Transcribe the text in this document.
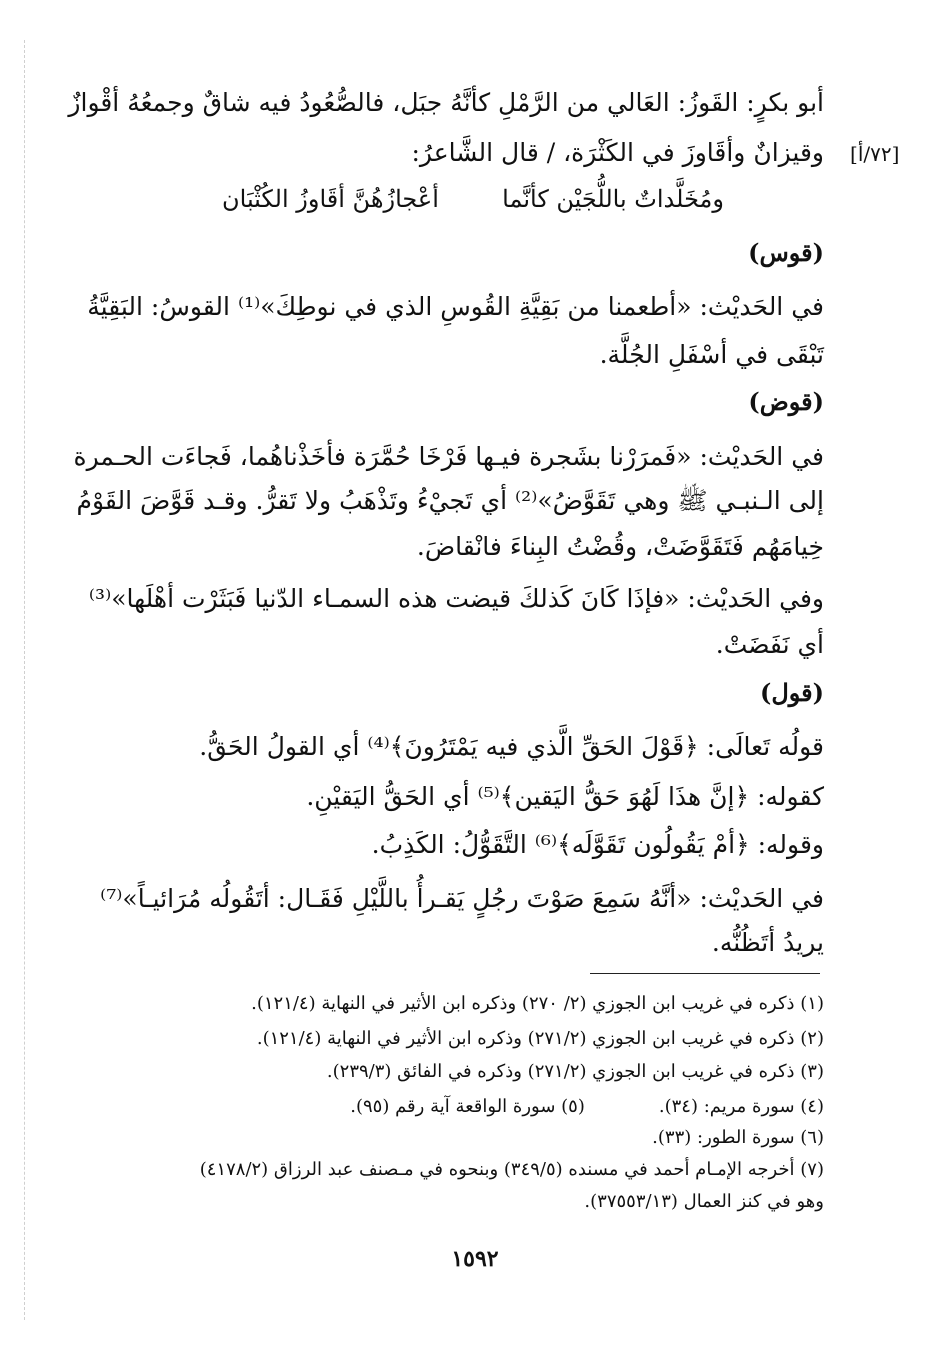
أبو بكرٍ: القَوزُ: العَالي من الرَّمْلِ كأنَّهُ جبَل، فالصُّعُودُ فيه شاقٌ وجمعُهُ أقْوازٌ
[٧٢/أ]
وقيزانٌ وأقَاوزَ في الكَثْرَة، / قال الشَّاعرُ:
ومُخَلَّداتٌ باللُّجَيْن كأنَّما
أعْجازُهُنَّ أقَاوزُ الكُثْبَان
(قوس)
في الحَديْث: «أطعمنا من بَقِيَّةِ القُوسِ الذي في نوطِكَ»⁽¹⁾ القوسُ: البَقِيَّةُ
تَبْقَى في أسْفَلِ الجُلَّة.
(قوض)
في الحَديْث: «فَمرَرْنا بشَجرة فيـها فَرْخَا حُمَّرَة فأخَذْناهُما، فَجاءَت الحـمرة
إلى الـنبـي ﷺ وهي تَقَوَّضُ»⁽²⁾ أي تَجيْءُ وتَذْهَبُ ولا تَقرُّ. وقـد قَوَّضَ القَوْمُ
خِيامَهُم فَتَقَوَّضَتْ، وقُضْتُ البِناءَ فانْقاضَ.
وفي الحَديْث: «فإذَا كَانَ كَذلكَ قيضت هذه السمـاء الدّنيا فَبَثَرْت أهْلَها»⁽³⁾
أي نَفَضَتْ.
(قول)
قولُه تَعالَى: ﴿قَوْلَ الحَقِّ الَّذي فيه يَمْتَرُونَ﴾⁽⁴⁾ أي القولُ الحَقُّ.
كقوله: ﴿إنَّ هذَا لَهُوَ حَقُّ اليَقين﴾⁽⁵⁾ أي الحَقُّ اليَقيْنِ.
وقوله: ﴿أمْ يَقُولُون تَقَوَّلَه﴾⁽⁶⁾ التَّقَوُّلُ: الكَذِبُ.
في الحَديْث: «أنَّهُ سَمِعَ صَوْتَ رجُلٍ يَقـرأُ باللَّيْلِ فَقَـال: أتَقُولُه مُرَائيـاً»⁽⁷⁾
يريدُ أتَظُنُّه.
(١) ذكره في غريب ابن الجوزي (٢/ ٢٧٠) وذكره ابن الأثير في النهاية (١٢١/٤).
(٢) ذكره في غريب ابن الجوزي (٢٧١/٢) وذكره ابن الأثير في النهاية (١٢١/٤).
(٣) ذكره في غريب ابن الجوزي (٢٧١/٢) وذكره في الفائق (٢٣٩/٣).
(٤) سورة مريم: (٣٤).
(٥) سورة الواقعة آية رقم (٩٥).
(٦) سورة الطور: (٣٣).
(٧) أخرجه الإمـام أحمد في مسنده (٣٤٩/٥) وبنحوه في مـصنف عبد الرزاق (٤١٧٨/٢)
وهو في كنز العمال (٣٧٥٥٣/١٣).
١٥٩٢
